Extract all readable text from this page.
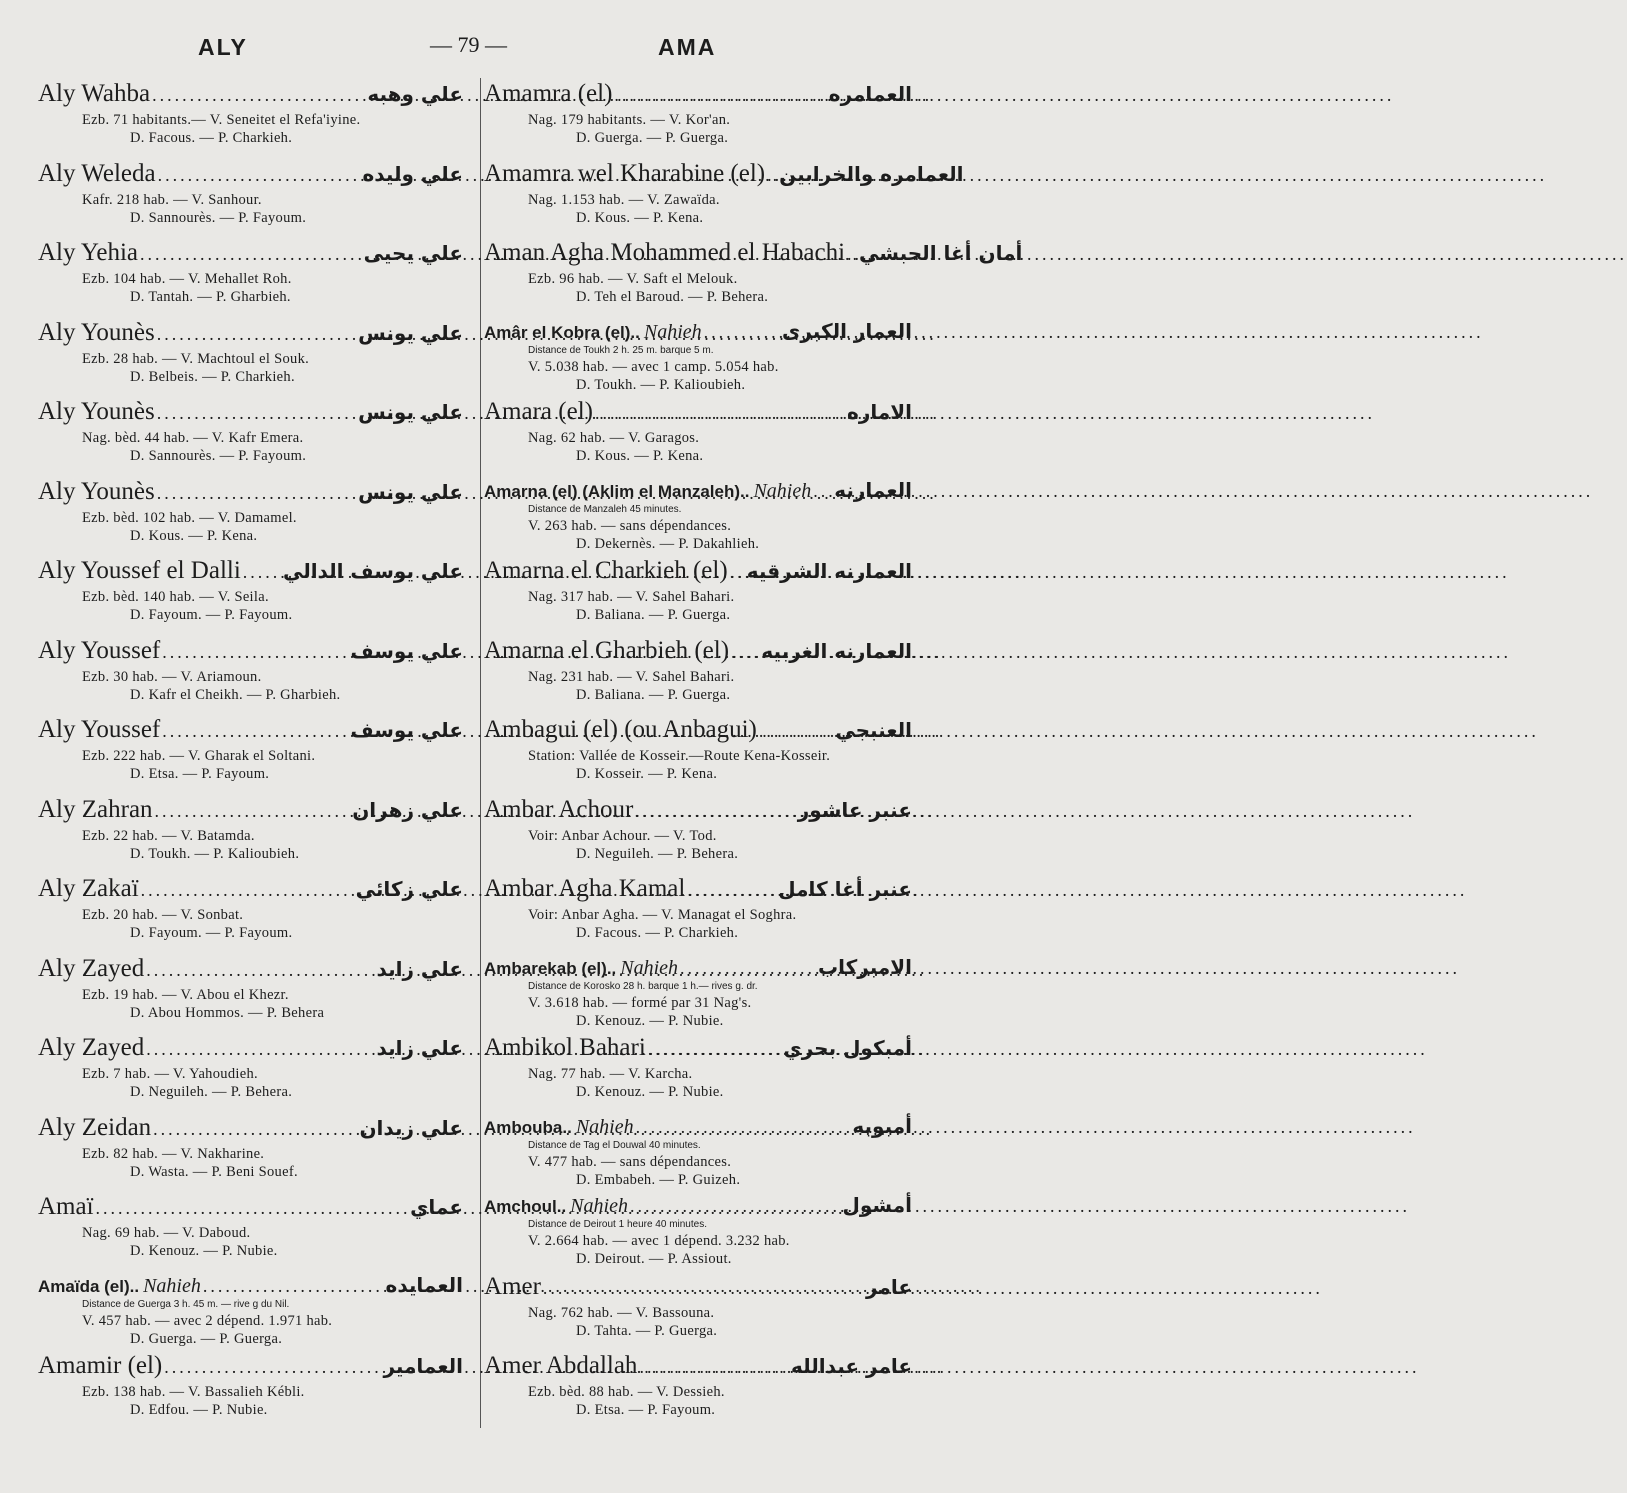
ALY	— 79 —	AMA
Aly Wahba .....	علي وهبه
Ezb. 71 habitants.— V. Seneitet el Refa'iyine.
D. Facous. — P. Charkieh.
Aly Weleda .....	علي وليده
Kafr. 218 hab. — V. Sanhour.
D. Sannourès. — P. Fayoum.
Aly Yehia .....	علي يحيى
Ezb. 104 hab. — V. Mehallet Roh.
D. Tantah. — P. Gharbieh.
Aly Younès .....	علي يونس
Ezb. 28 hab. — V. Machtoul el Souk.
D. Belbeis. — P. Charkieh.
Aly Younès .....	علي يونس
Nag. bèd. 44 hab. — V. Kafr Emera.
D. Sannourès. — P. Fayoum.
Aly Younès .....	علي يونس
Ezb. bèd. 102 hab. — V. Damamel.
D. Kous. — P. Kena.
Aly Youssef el Dalli ..... علي يوسف الدالي
Ezb. bèd. 140 hab. — V. Seila.
D. Fayoum. — P. Fayoum.
Aly Youssef .....	علي يوسف
Ezb. 30 hab. — V. Ariamoun.
D. Kafr el Cheikh. — P. Gharbieh.
Aly Youssef .....	علي يوسف
Ezb. 222 hab. — V. Gharak el Soltani.
D. Etsa. — P. Fayoum.
Aly Zahran .....	علي زهران
Ezb. 22 hab. — V. Batamda.
D. Toukh. — P. Kalioubieh.
Aly Zakaï .....	علي زكائي
Ezb. 20 hab. — V. Sonbat.
D. Fayoum. — P. Fayoum.
Aly Zayed .....	علي زايد
Ezb. 19 hab. — V. Abou el Khezr.
D. Abou Hommos. — P. Behera
Aly Zayed .....	علي زايد
Ezb. 7 hab. — V. Yahoudieh.
D. Neguileh. — P. Behera.
Aly Zeidan .....	علي زيدان
Ezb. 82 hab. — V. Nakharine.
D. Wasta. — P. Beni Souef.
Amaï .....	عماي
Nag. 69 hab. — V. Daboud.
D. Kenouz. — P. Nubie.
Amaïda (el).. Nahieh .....	العمايده
Distance de Guerga 3 h. 45 m. — rive g du Nil.
V. 457 hab. — avec 2 dépend. 1.971 hab.
D. Guerga. — P. Guerga.
Amamir (el) .....	العمامير
Ezb. 138 hab. — V. Bassalieh Kébli.
D. Edfou. — P. Nubie.
Amamra (el) .....	العمامره
Nag. 179 habitants. — V. Kor'an.
D. Guerga. — P. Guerga.
Amamra wel Kharabine (el) ..... العمامره والخرابين
Nag. 1.153 hab. — V. Zawaïda.
D. Kous. — P. Kena.
Aman Agha Mohammed el Habachi ..... أمان أغا الحبشي
Ezb. 96 hab. — V. Saft el Melouk.
D. Teh el Baroud. — P. Behera.
Amâr el Kobra (el).. Nahieh .....	العمار الكبرى
Distance de Toukh 2 h. 25 m. barque 5 m.
V. 5.038 hab. — avec 1 camp. 5.054 hab.
D. Toukh. — P. Kalioubieh.
Amara (el) .....	الاماره
Nag. 62 hab. — V. Garagos.
D. Kous. — P. Kena.
Amarna (el) (Aklim el Manzaleh).. Nahieh ..... العمارنه
Distance de Manzaleh 45 minutes.
V. 263 hab. — sans dépendances.
D. Dekernès. — P. Dakahlieh.
Amarna el Charkieh (el) ..... العمارنه الشرقيه
Nag. 317 hab. — V. Sahel Bahari.
D. Baliana. — P. Guerga.
Amarna el Gharbieh (el) ..... العمارنه الغربيه
Nag. 231 hab. — V. Sahel Bahari.
D. Baliana. — P. Guerga.
Ambagui (el) (ou Anbagui) .....	العنبجي
Station: Vallée de Kosseir.—Route Kena-Kosseir.
D. Kosseir. — P. Kena.
Ambar Achour .....	عنبر عاشور
Voir: Anbar Achour. — V. Tod.
D. Neguileh. — P. Behera.
Ambar Agha Kamal .....	عنبر أغا كامل
Voir: Anbar Agha. — V. Managat el Soghra.
D. Facous. — P. Charkieh.
Ambarekab (el).. Nahieh .....	الامبركاب
Distance de Korosko 28 h. barque 1 h.— rives g. dr.
V. 3.618 hab. — formé par 31 Nag's.
D. Kenouz. — P. Nubie.
Ambikol Bahari .....	أمبكول بحري
Nag. 77 hab. — V. Karcha.
D. Kenouz. — P. Nubie.
Ambouba.. Nahieh .....	أمبوبه
Distance de Tag el Douwal 40 minutes.
V. 477 hab. — sans dépendances.
D. Embabeh. — P. Guizeh.
Amchoul.. Nahieh .....	أمشول
Distance de Deirout 1 heure 40 minutes.
V. 2.664 hab. — avec 1 dépend. 3.232 hab.
D. Deirout. — P. Assiout.
Amer .....	عامر
Nag. 762 hab. — V. Bassouna.
D. Tahta. — P. Guerga.
Amer Abdallah .....	عامر عبدالله
Ezb. bèd. 88 hab. — V. Dessieh.
D. Etsa. — P. Fayoum.
